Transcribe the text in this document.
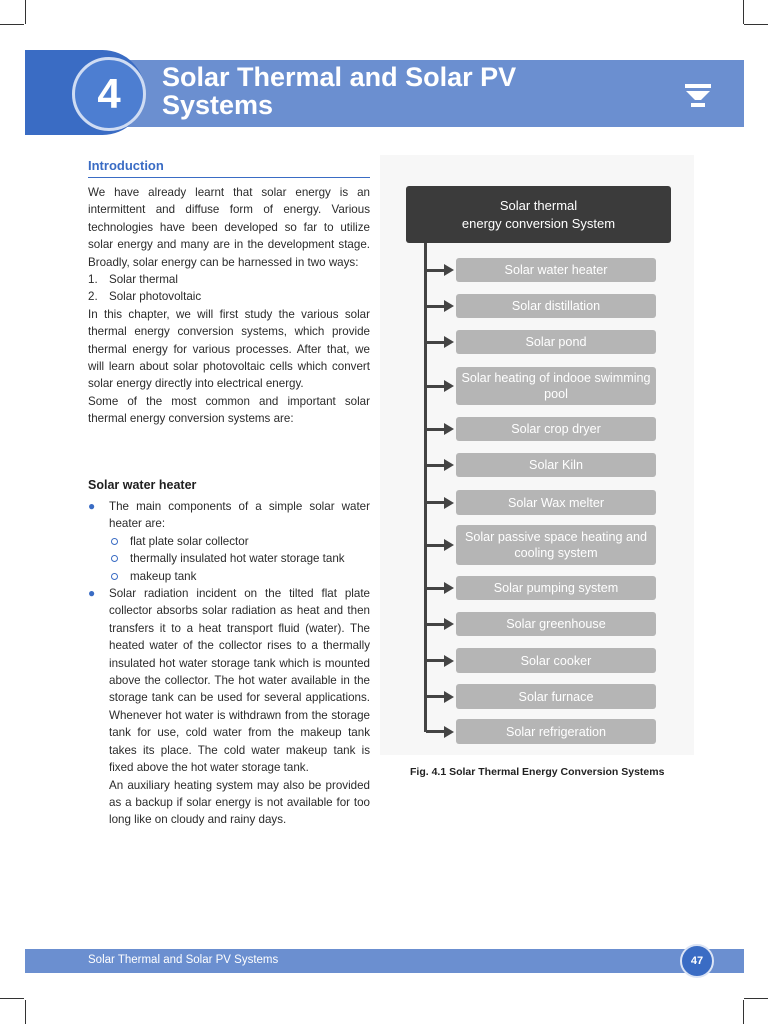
4	Solar Thermal and Solar PV Systems
Introduction

We have already learnt that solar energy is an intermittent and diffuse form of energy. Various technologies have been developed so far to utilize solar energy and many are in the development stage. Broadly, solar energy can be harnessed in two ways:

1. Solar thermal
2. Solar photovoltaic

In this chapter, we will first study the various solar thermal energy conversion systems, which provide thermal energy for various processes. After that, we will learn about solar photovoltaic cells which convert solar energy directly into electrical energy.

Some of the most common and important solar thermal energy conversion systems are:

Solar water heater
● The main components of a simple solar water heater are:
flat plate solar collector
thermally insulated hot water storage tank
makeup tank
● Solar radiation incident on the tilted flat plate collector absorbs solar radiation as heat and then transfers it to a heat transport fluid (water). The heated water of the collector rises to a thermally insulated hot water storage tank which is mounted above the collector. The hot water available in the storage tank can be used for several applications. Whenever hot water is withdrawn from the storage tank for use, cold water from the makeup tank takes its place. The cold water makeup tank is fixed above the hot water storage tank.
An auxiliary heating system may also be provided as a backup if solar energy is not available for too long like on cloudy and rainy days.
Solar thermal
energy conversion System
Solar water heater
Solar distillation
Solar pond
Solar heating of indooe swimming pool
Solar crop dryer
Solar Kiln
Solar Wax melter
Solar passive space heating and cooling system
Solar pumping system
Solar greenhouse
Solar cooker
Solar furnace
Solar refrigeration
Fig. 4.1 Solar Thermal Energy Conversion Systems
Solar Thermal and Solar PV Systems	47
